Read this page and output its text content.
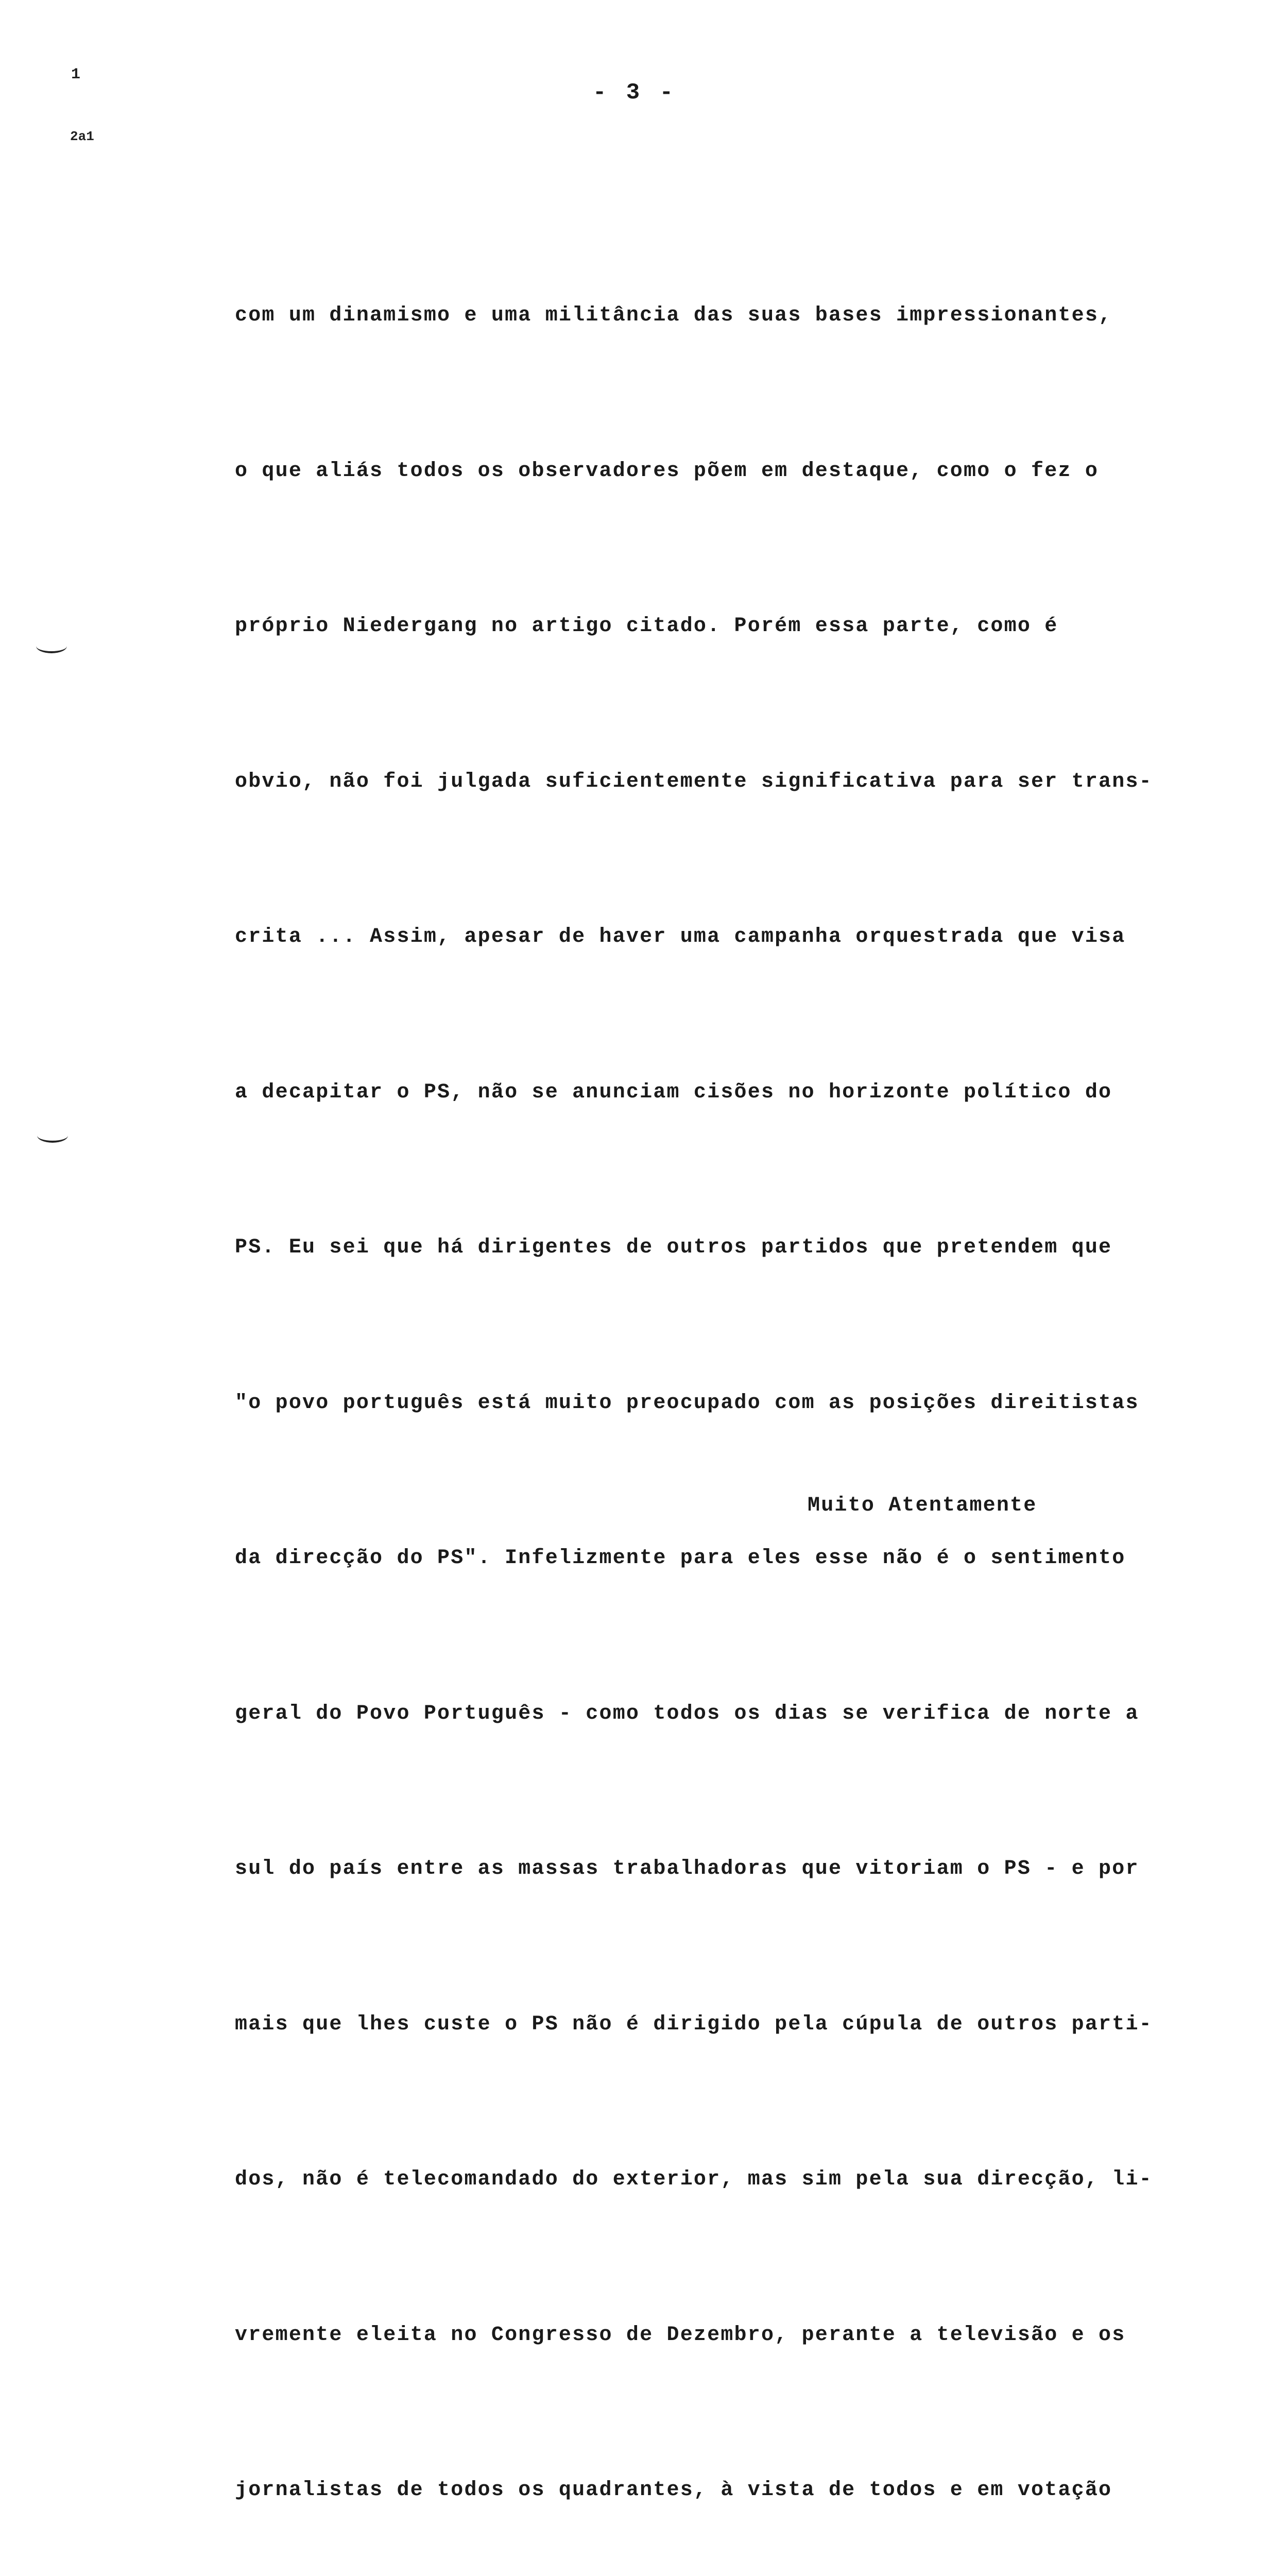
- 3 -
1
2a1

com um dinamismo e uma militância das suas bases impressionantes,

o que aliás todos os observadores põem em destaque, como o fez o

próprio Niedergang no artigo citado. Porém essa parte, como é

obvio, não foi julgada suficientemente significativa para ser trans-

crita ... Assim, apesar de haver uma campanha orquestrada que visa

a decapitar o PS, não se anunciam cisões no horizonte político do

PS. Eu sei que há dirigentes de outros partidos que pretendem que

"o povo português está muito preocupado com as posições direitistas

da direcção do PS". Infelizmente para eles esse não é o sentimento

geral do Povo Português - como todos os dias se verifica de norte a

sul do país entre as massas trabalhadoras que vitoriam o PS - e por

mais que lhes custe o PS não é dirigido pela cúpula de outros parti-

dos, não é telecomandado do exterior, mas sim pela sua direcção, li-

vremente eleita no Congresso de Dezembro, perante a televisão e os

jornalistas de todos os quadrantes, à vista de todos e em votação

Muito Atentamente
